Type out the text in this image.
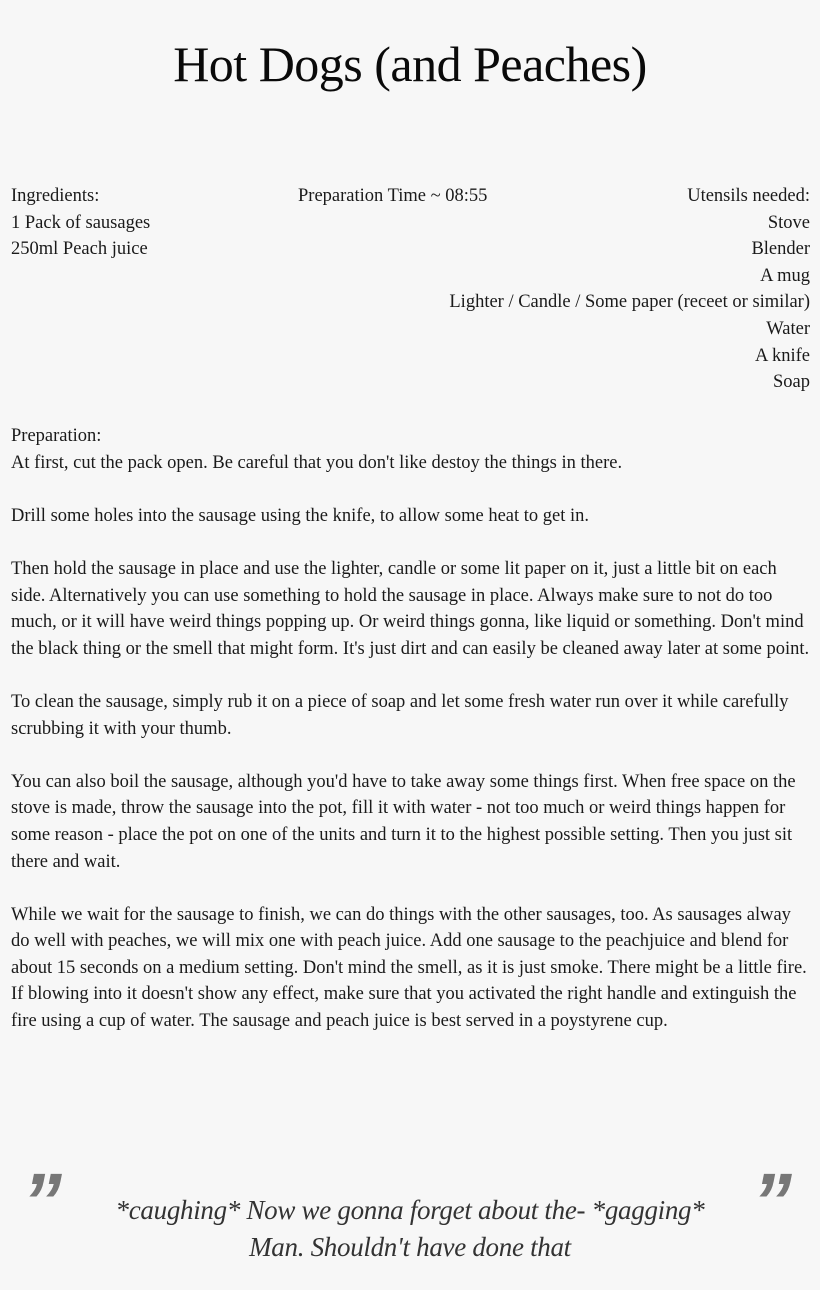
Hot Dogs (and Peaches)
Ingredients:
1 Pack of sausages
250ml Peach juice
Preparation Time ~ 08:55	Utensils needed:
Stove
Blender
A mug
Lighter / Candle / Some paper (receet or similar)
Water
A knife
Soap
Preparation:

At first, cut the pack open. Be careful that you don't like destoy the things in there.

Drill some holes into the sausage using the knife, to allow some heat to get in.

Then hold the sausage in place and use the lighter, candle or some lit paper on it, just a little bit on each side. Alternatively you can use something to hold the sausage in place. Always make sure to not do too much, or it will have weird things popping up. Or weird things gonna, like liquid or something. Don't mind the black thing or the smell that might form. It's just dirt and can easily be cleaned away later at some point.

To clean the sausage, simply rub it on a piece of soap and let some fresh water run over it while carefully scrubbing it with your thumb.

You can also boil the sausage, although you'd have to take away some things first. When free space on the stove is made, throw the sausage into the pot, fill it with water - not too much or weird things happen for some reason - place the pot on one of the units and turn it to the highest possible setting. Then you just sit there and wait.

While we wait for the sausage to finish, we can do things with the other sausages, too. As sausages alway do well with peaches, we will mix one with peach juice. Add one sausage to the peachjuice and blend for about 15 seconds on a medium setting. Don't mind the smell, as it is just smoke. There might be a little fire. If blowing into it doesn't show any effect, make sure that you activated the right handle and extinguish the fire using a cup of water. The sausage and peach juice is best served in a poystyrene cup.

”	*caughing* Now we gonna forget about the- *gagging*
Man. Shouldn't have done that
”
